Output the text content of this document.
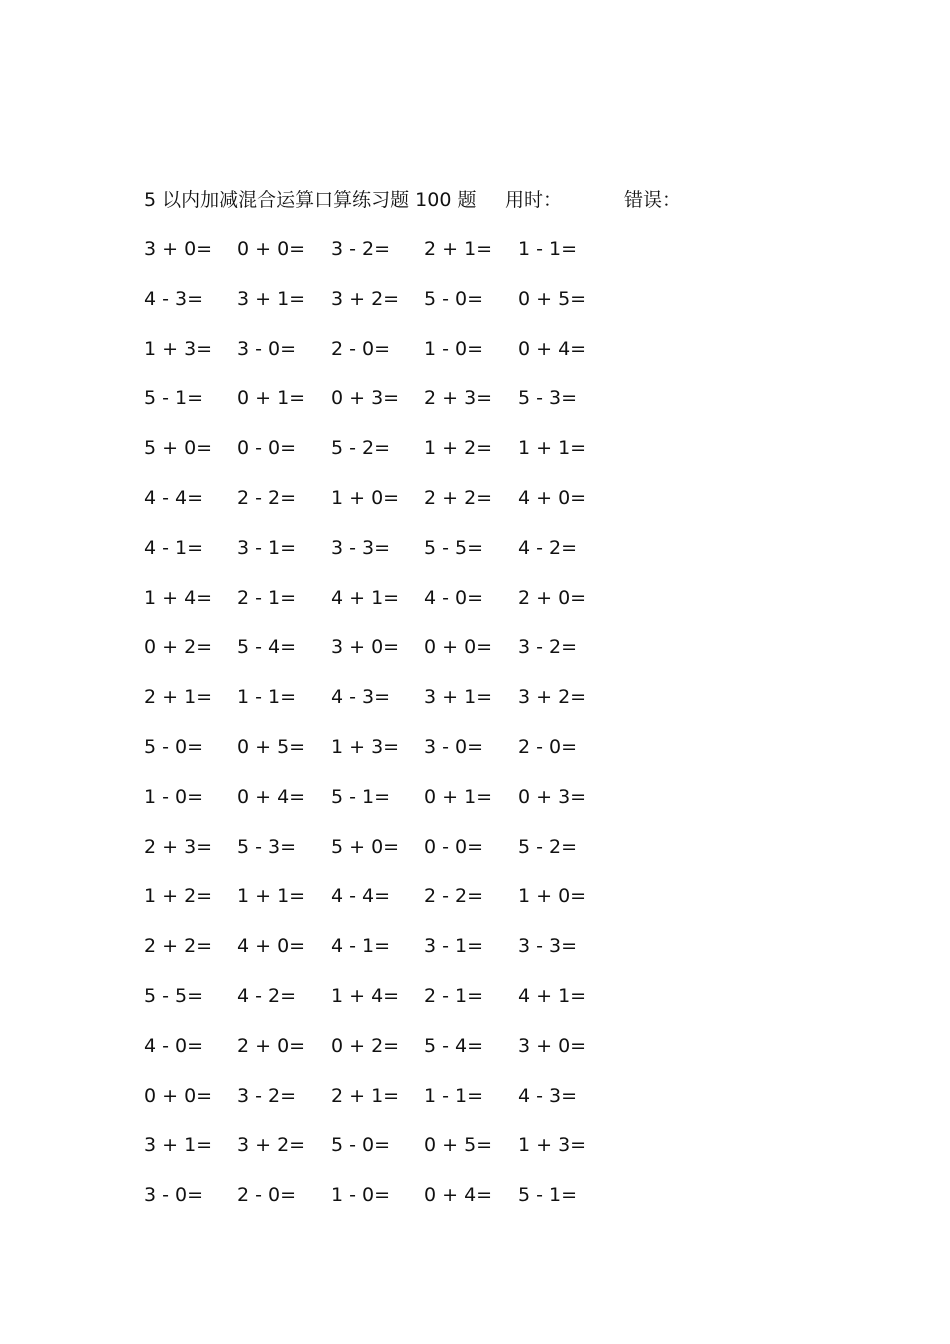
5 以内加减混合运算口算练习题 100 题 用时：	错误：
3 + 0= 0 + 0= 3 - 2= 2 + 1= 1 - 1=
4 - 3= 3 + 1= 3 + 2= 5 - 0= 0 + 5=
1 + 3= 3 - 0= 2 - 0= 1 - 0= 0 + 4=
5 - 1= 0 + 1= 0 + 3= 2 + 3= 5 - 3=
5 + 0= 0 - 0= 5 - 2= 1 + 2= 1 + 1=
4 - 4= 2 - 2= 1 + 0= 2 + 2= 4 + 0=
4 - 1= 3 - 1= 3 - 3= 5 - 5= 4 - 2=
1 + 4= 2 - 1= 4 + 1= 4 - 0= 2 + 0=
0 + 2= 5 - 4= 3 + 0= 0 + 0= 3 - 2=
2 + 1= 1 - 1= 4 - 3= 3 + 1= 3 + 2=
5 - 0= 0 + 5= 1 + 3= 3 - 0= 2 - 0=
1 - 0= 0 + 4= 5 - 1= 0 + 1= 0 + 3=
2 + 3= 5 - 3= 5 + 0= 0 - 0= 5 - 2=
1 + 2= 1 + 1= 4 - 4= 2 - 2= 1 + 0=
2 + 2= 4 + 0= 4 - 1= 3 - 1= 3 - 3=
5 - 5= 4 - 2= 1 + 4= 2 - 1= 4 + 1=
4 - 0= 2 + 0= 0 + 2= 5 - 4= 3 + 0=
0 + 0= 3 - 2= 2 + 1= 1 - 1= 4 - 3=
3 + 1= 3 + 2= 5 - 0= 0 + 5= 1 + 3=
3 - 0= 2 - 0= 1 - 0= 0 + 4= 5 - 1=
